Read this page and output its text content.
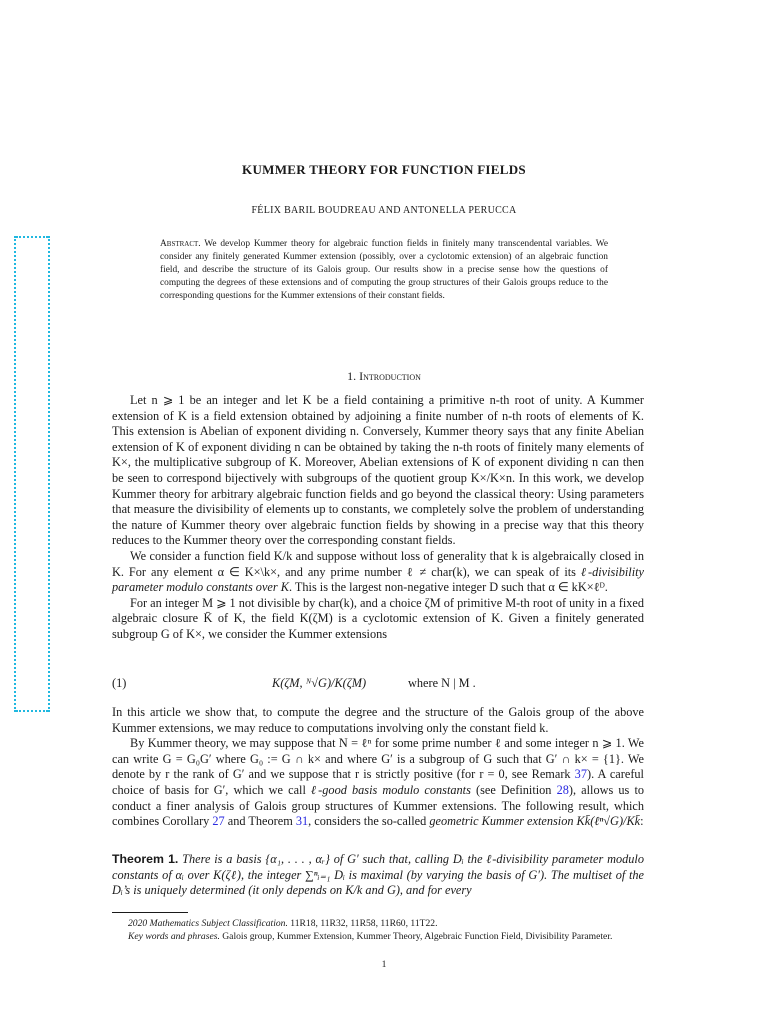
KUMMER THEORY FOR FUNCTION FIELDS
FÉLIX BARIL BOUDREAU AND ANTONELLA PERUCCA
Abstract. We develop Kummer theory for algebraic function fields in finitely many transcendental variables. We consider any finitely generated Kummer extension (possibly, over a cyclotomic extension) of an algebraic function field, and describe the structure of its Galois group. Our results show in a precise sense how the questions of computing the degrees of these extensions and of computing the group structures of their Galois groups reduce to the corresponding questions for the Kummer extensions of their constant fields.
1. Introduction

Let n ⩾ 1 be an integer and let K be a field containing a primitive n-th root of unity. A Kummer extension of K is a field extension obtained by adjoining a finite number of n-th roots of elements of K. This extension is Abelian of exponent dividing n. Conversely, Kummer theory says that any finite Abelian extension of K of exponent dividing n can be obtained by taking the n-th roots of finitely many elements of K×, the multiplicative subgroup of K. Moreover, Abelian extensions of K of exponent dividing n can then be seen to correspond bijectively with subgroups of the quotient group K×/K×n. In this work, we develop Kummer theory for arbitrary algebraic function fields and go beyond the classical theory: Using parameters that measure the divisibility of elements up to constants, we completely solve the problem of understanding the nature of Kummer theory over algebraic function fields by showing in a precise way that this theory reduces to the Kummer theory over the corresponding constant fields.

We consider a function field K/k and suppose without loss of generality that k is algebraically closed in K. For any element α ∈ K×\k×, and any prime number ℓ ≠ char(k), we can speak of its ℓ-divisibility parameter modulo constants over K. This is the largest non-negative integer D such that α ∈ kK×ℓᴰ.

For an integer M ⩾ 1 not divisible by char(k), and a choice ζM of primitive M-th root of unity in a fixed algebraic closure K̄ of K, the field K(ζM) is a cyclotomic extension of K. Given a finitely generated subgroup G of K×, we consider the Kummer extensions

(1)	K(ζM, ᴺ√G)/K(ζM)	where N | M .

In this article we show that, to compute the degree and the structure of the Galois group of the above Kummer extensions, we may reduce to computations involving only the constant field k.

By Kummer theory, we may suppose that N = ℓⁿ for some prime number ℓ and some integer n ⩾ 1. We can write G = G₀G′ where G₀ := G ∩ k× and where G′ is a subgroup of G such that G′ ∩ k× = {1}. We denote by r the rank of G′ and we suppose that r is strictly positive (for r = 0, see Remark 37). A careful choice of basis for G′, which we call ℓ-good basis modulo constants (see Definition 28), allows us to conduct a finer analysis of Galois group structures of Kummer extensions. The following result, which combines Corollary 27 and Theorem 31, considers the so-called geometric Kummer extension Kk̄(ℓⁿ√G)/Kk̄:

Theorem 1. There is a basis {α₁, . . . , αᵣ} of G′ such that, calling Dᵢ the ℓ-divisibility parameter modulo constants of αᵢ over K(ζℓ), the integer ∑ⁿᵢ₌₁ Dᵢ is maximal (by varying the basis of G′). The multiset of the Dᵢ’s is uniquely determined (it only depends on K/k and G), and for every

2020 Mathematics Subject Classification. 11R18, 11R32, 11R58, 11R60, 11T22.

Key words and phrases. Galois group, Kummer Extension, Kummer Theory, Algebraic Function Field, Divisibility Parameter.

1
